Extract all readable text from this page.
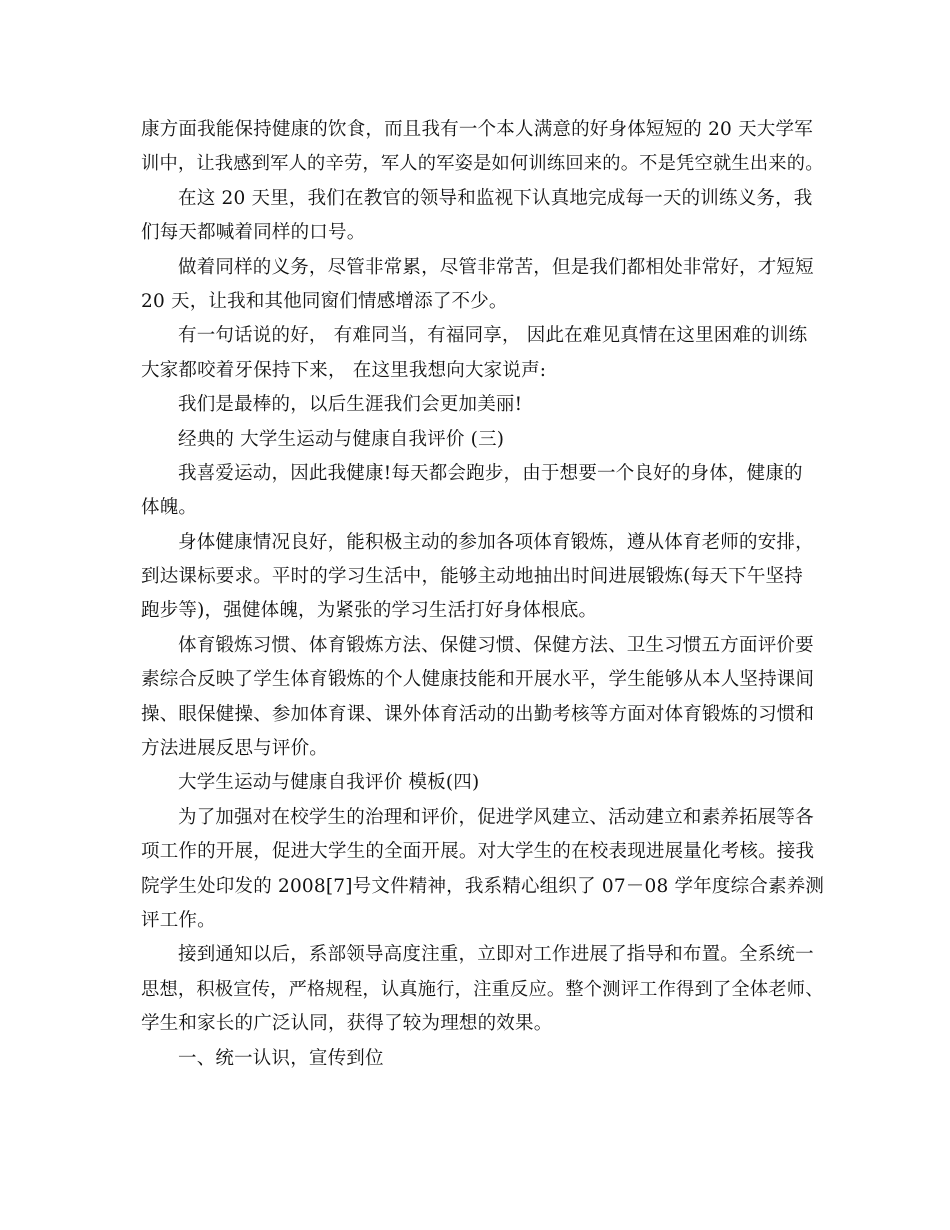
康方面我能保持健康的饮食，而且我有一个本人满意的好身体短短的 20 天大学军
训中，让我感到军人的辛劳，军人的军姿是如何训练回来的。不是凭空就生出来的。
在这 20 天里，我们在教官的领导和监视下认真地完成每一天的训练义务，我
们每天都喊着同样的口号。
做着同样的义务，尽管非常累，尽管非常苦，但是我们都相处非常好，才短短
20 天，让我和其他同窗们情感增添了不少。
有一句话说的好， 有难同当，有福同享， 因此在难见真情在这里困难的训练
大家都咬着牙保持下来， 在这里我想向大家说声:
我们是最棒的，以后生涯我们会更加美丽!
经典的 大学生运动与健康自我评价 (三)
我喜爱运动，因此我健康!每天都会跑步，由于想要一个良好的身体，健康的
体魄。
身体健康情况良好，能积极主动的参加各项体育锻炼，遵从体育老师的安排，
到达课标要求。平时的学习生活中，能够主动地抽出时间进展锻炼(每天下午坚持
跑步等)，强健体魄，为紧张的学习生活打好身体根底。
体育锻炼习惯、体育锻炼方法、保健习惯、保健方法、卫生习惯五方面评价要
素综合反映了学生体育锻炼的个人健康技能和开展水平，学生能够从本人坚持课间
操、眼保健操、参加体育课、课外体育活动的出勤考核等方面对体育锻炼的习惯和
方法进展反思与评价。
大学生运动与健康自我评价 模板(四)
为了加强对在校学生的治理和评价，促进学风建立、活动建立和素养拓展等各
项工作的开展，促进大学生的全面开展。对大学生的在校表现进展量化考核。接我
院学生处印发的 2008[7]号文件精神，我系精心组织了 07－08 学年度综合素养测
评工作。
接到通知以后，系部领导高度注重，立即对工作进展了指导和布置。全系统一
思想，积极宣传，严格规程，认真施行，注重反应。整个测评工作得到了全体老师、
学生和家长的广泛认同，获得了较为理想的效果。
一、统一认识，宣传到位
